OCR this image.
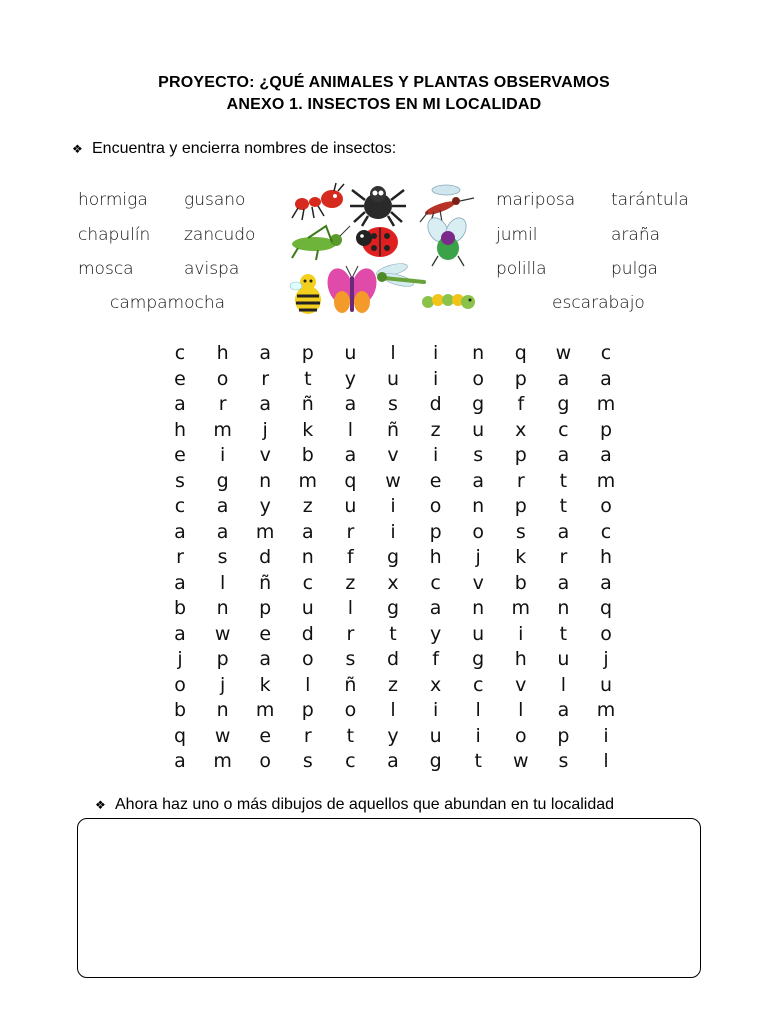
PROYECTO: ¿QUÉ ANIMALES Y PLANTAS OBSERVAMOS
ANEXO 1. INSECTOS EN MI LOCALIDAD
❖ Encuentra y encierra nombres de insectos:
hormiga gusano
chapulín zancudo
mosca	avispa
campamocha
mariposa tarántula
jumil	araña
polilla	pulga
escarabajo
c h a p u	l	i	n q w c
e o	r	t	y u	i	o p a a
a	r	a ñ a s d g	f	g m
h m	j	k	l	ñ z u x c p
e	i	v b a v	i	s p a a
s g n m q w e a	r	t	m
c a y z u	i	o n p	t	o
a a m a	r	i	p o s a c
r	s d n	f	g h	j	k	r	h
a	l	ñ c z x c v b a a
b n p u	l	g a n m n q
a w e d	r	t	y u	i	t	o
j	p a o s d	f	g h u	j
o	j	k	l	ñ z x c v	l	u
b n m p o	l	i	l	l	a m
q w e	r	t	y u	i	o p	i
a m o s c a g	t	w s	l
❖ Ahora haz uno o más dibujos de aquellos que abundan en tu localidad
